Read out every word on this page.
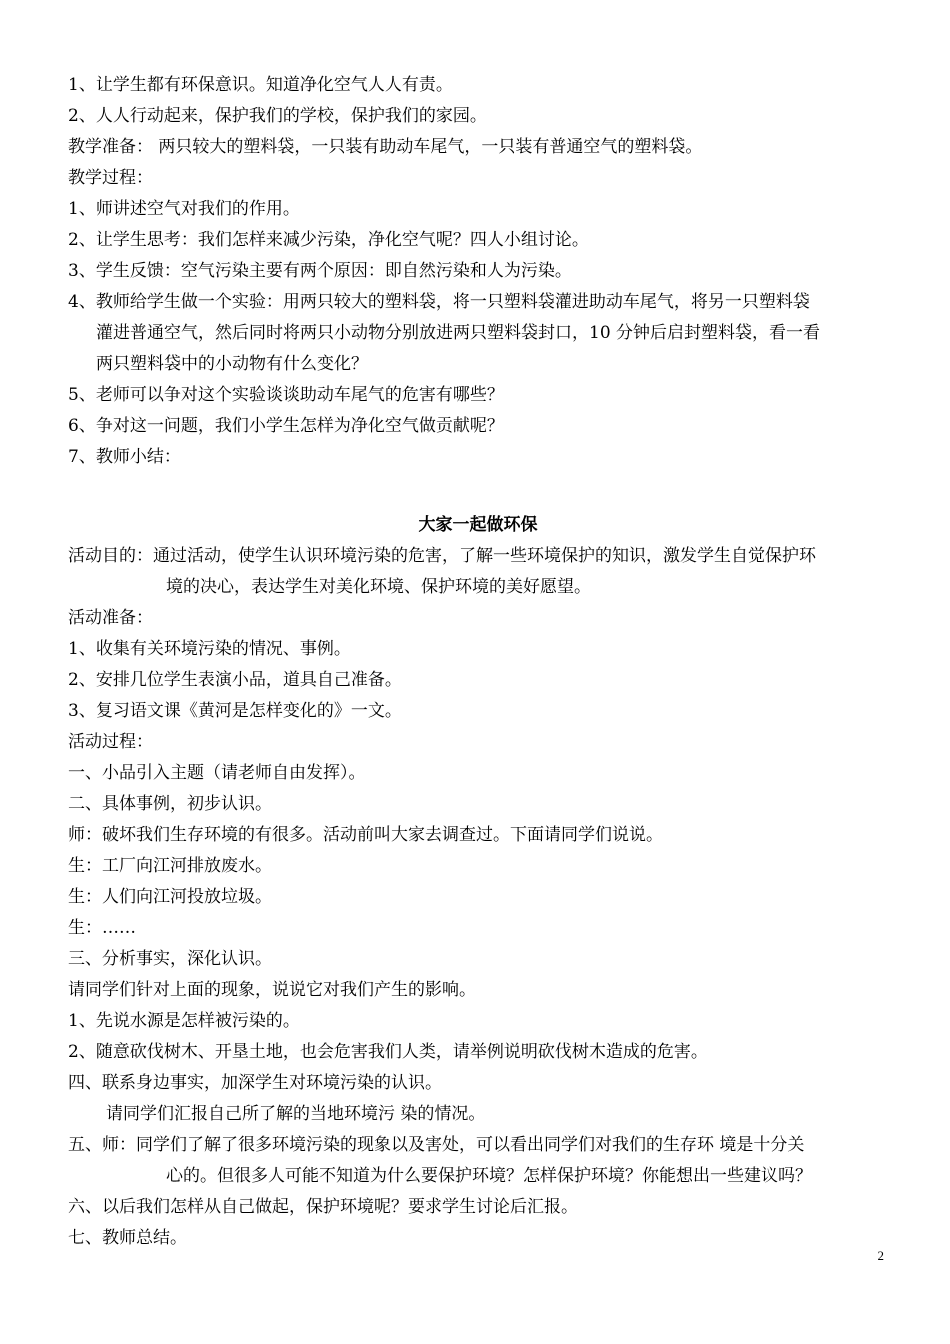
1、让学生都有环保意识。知道净化空气人人有责。
2、人人行动起来，保护我们的学校，保护我们的家园。
教学准备： 两只较大的塑料袋，一只装有助动车尾气，一只装有普通空气的塑料袋。
教学过程：
1、师讲述空气对我们的作用。
2、让学生思考：我们怎样来减少污染，净化空气呢？四人小组讨论。
3、学生反馈：空气污染主要有两个原因：即自然污染和人为污染。
4、教师给学生做一个实验：用两只较大的塑料袋，将一只塑料袋灌进助动车尾气，将另一只塑料袋
灌进普通空气，然后同时将两只小动物分别放进两只塑料袋封口，10 分钟后启封塑料袋，看一看
两只塑料袋中的小动物有什么变化？
5、老师可以争对这个实验谈谈助动车尾气的危害有哪些？
6、争对这一问题，我们小学生怎样为净化空气做贡献呢？
7、教师小结：
大家一起做环保
活动目的：通过活动，使学生认识环境污染的危害，了解一些环境保护的知识，激发学生自觉保护环
境的决心，表达学生对美化环境、保护环境的美好愿望。
活动准备：
1、收集有关环境污染的情况、事例。
2、安排几位学生表演小品，道具自己准备。
3、复习语文课《黄河是怎样变化的》一文。
活动过程：
一、小品引入主题（请老师自由发挥）。
二、具体事例，初步认识。
师：破坏我们生存环境的有很多。活动前叫大家去调查过。下面请同学们说说。
生：工厂向江河排放废水。
生：人们向江河投放垃圾。
生：……
三、分析事实，深化认识。
请同学们针对上面的现象，说说它对我们产生的影响。
1、先说水源是怎样被污染的。
2、随意砍伐树木、开垦土地，也会危害我们人类，请举例说明砍伐树木造成的危害。
四、联系身边事实，加深学生对环境污染的认识。
请同学们汇报自己所了解的当地环境污 染的情况。
五、师：同学们了解了很多环境污染的现象以及害处，可以看出同学们对我们的生存环 境是十分关
心的。但很多人可能不知道为什么要保护环境？怎样保护环境？你能想出一些建议吗？
六、以后我们怎样从自己做起，保护环境呢？要求学生讨论后汇报。
七、教师总结。
2
